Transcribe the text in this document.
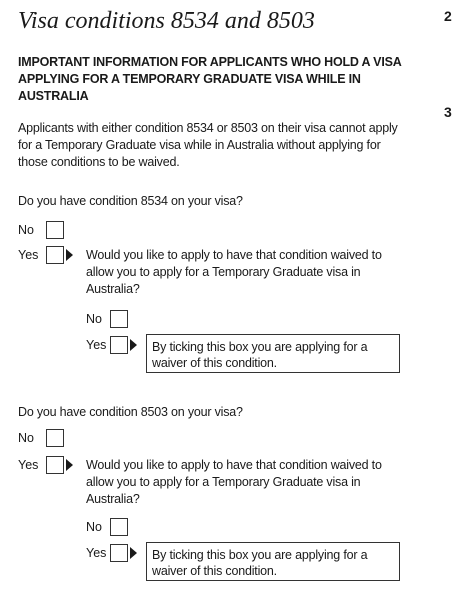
Visa conditions 8534 and 8503	2
3
IMPORTANT INFORMATION FOR APPLICANTS WHO HOLD A VISA APPLYING FOR A TEMPORARY GRADUATE VISA WHILE IN AUSTRALIA
Applicants with either condition 8534 or 8503 on their visa cannot apply for a Temporary Graduate visa while in Australia without applying for those conditions to be waived.
Do you have condition 8534 on your visa?
No
Yes	Would you like to apply to have that condition waived to allow you to apply for a Temporary Graduate visa in Australia?
No
Yes	By ticking this box you are applying for a waiver of this condition.
Do you have condition 8503 on your visa?
No
Yes	Would you like to apply to have that condition waived to allow you to apply for a Temporary Graduate visa in Australia?
No
Yes	By ticking this box you are applying for a waiver of this condition.
